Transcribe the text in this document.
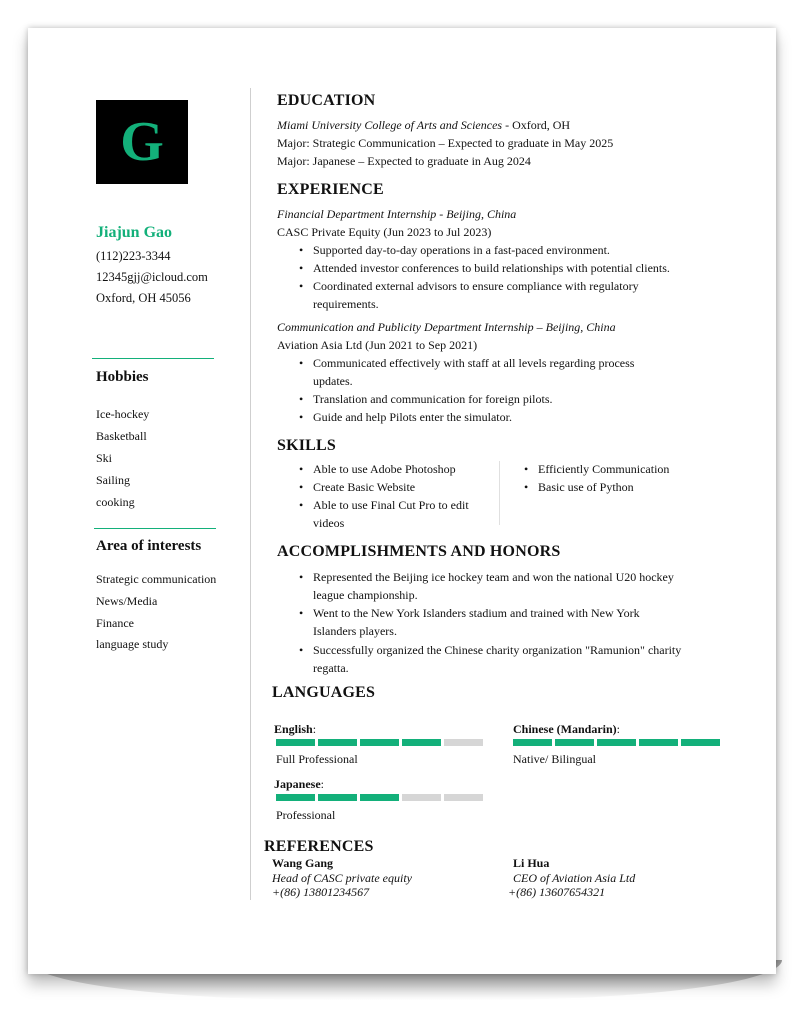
G
Jiajun Gao
(112)223-3344
12345gjj@icloud.com
Oxford, OH 45056
Hobbies
Ice-hockey
Basketball
Ski
Sailing
cooking
Area of interests
Strategic communication
News/Media
Finance
language study
EDUCATION
Miami University College of Arts and Sciences - Oxford, OH
Major: Strategic Communication – Expected to graduate in May 2025
Major: Japanese – Expected to graduate in Aug 2024
EXPERIENCE
Financial Department Internship - Beijing, China
CASC Private Equity (Jun 2023 to Jul 2023)
• Supported day-to-day operations in a fast-paced environment.
• Attended investor conferences to build relationships with potential clients.
• Coordinated external advisors to ensure compliance with regulatory requirements.
Communication and Publicity Department Internship – Beijing, China
Aviation Asia Ltd (Jun 2021 to Sep 2021)
• Communicated effectively with staff at all levels regarding process updates.
• Translation and communication for foreign pilots.
• Guide and help Pilots enter the simulator.
SKILLS
• Able to use Adobe Photoshop
• Create Basic Website
• Able to use Final Cut Pro to edit videos
• Efficiently Communication
• Basic use of Python
ACCOMPLISHMENTS AND HONORS
• Represented the Beijing ice hockey team and won the national U20 hockey league championship.
• Went to the New York Islanders stadium and trained with New York Islanders players.
• Successfully organized the Chinese charity organization "Ramunion" charity regatta.
LANGUAGES
English:
Full Professional
Chinese (Mandarin):
Native/ Bilingual
Japanese:
Professional
REFERENCES
Wang Gang
Head of CASC private equity
+(86) 13801234567
Li Hua
CEO of Aviation Asia Ltd
+(86) 13607654321
